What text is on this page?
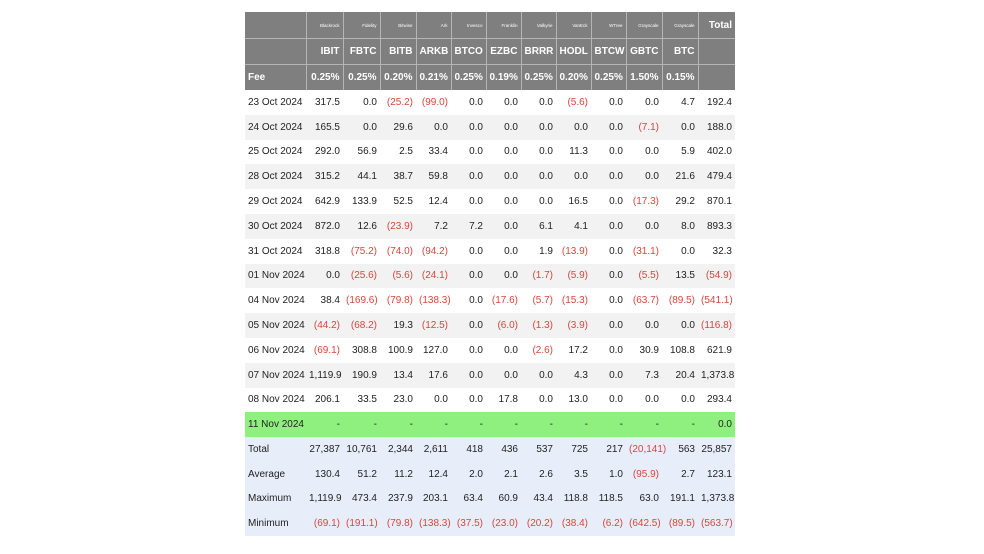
	Blackrock	Fidelity	Bitwise	Ark	Invesco	Franklin	Valkyrie	VanEck	WTree	Grayscale	Grayscale	Total
	IBIT	FBTC	BITB	ARKB	BTCO	EZBC	BRRR	HODL	BTCW	GBTC	BTC	
Fee	0.25%	0.25%	0.20%	0.21%	0.25%	0.19%	0.25%	0.20%	0.25%	1.50%	0.15%	
23 Oct 2024	317.5	0.0	(25.2)	(99.0)	0.0	0.0	0.0	(5.6)	0.0	0.0	4.7	192.4
24 Oct 2024	165.5	0.0	29.6	0.0	0.0	0.0	0.0	0.0	0.0	(7.1)	0.0	188.0
25 Oct 2024	292.0	56.9	2.5	33.4	0.0	0.0	0.0	11.3	0.0	0.0	5.9	402.0
28 Oct 2024	315.2	44.1	38.7	59.8	0.0	0.0	0.0	0.0	0.0	0.0	21.6	479.4
29 Oct 2024	642.9	133.9	52.5	12.4	0.0	0.0	0.0	16.5	0.0	(17.3)	29.2	870.1
30 Oct 2024	872.0	12.6	(23.9)	7.2	7.2	0.0	6.1	4.1	0.0	0.0	8.0	893.3
31 Oct 2024	318.8	(75.2)	(74.0)	(94.2)	0.0	0.0	1.9	(13.9)	0.0	(31.1)	0.0	32.3
01 Nov 2024	0.0	(25.6)	(5.6)	(24.1)	0.0	0.0	(1.7)	(5.9)	0.0	(5.5)	13.5	(54.9)
04 Nov 2024	38.4	(169.6)	(79.8)	(138.3)	0.0	(17.6)	(5.7)	(15.3)	0.0	(63.7)	(89.5)	(541.1)
05 Nov 2024	(44.2)	(68.2)	19.3	(12.5)	0.0	(6.0)	(1.3)	(3.9)	0.0	0.0	0.0	(116.8)
06 Nov 2024	(69.1)	308.8	100.9	127.0	0.0	0.0	(2.6)	17.2	0.0	30.9	108.8	621.9
07 Nov 2024	1,119.9	190.9	13.4	17.6	0.0	0.0	0.0	4.3	0.0	7.3	20.4	1,373.8
08 Nov 2024	206.1	33.5	23.0	0.0	0.0	17.8	0.0	13.0	0.0	0.0	0.0	293.4
11 Nov 2024	-	-	-	-	-	-	-	-	-	-	-	0.0
Total	27,387	10,761	2,344	2,611	418	436	537	725	217	(20,141)	563	25,857
Average	130.4	51.2	11.2	12.4	2.0	2.1	2.6	3.5	1.0	(95.9)	2.7	123.1
Maximum	1,119.9	473.4	237.9	203.1	63.4	60.9	43.4	118.8	118.5	63.0	191.1	1,373.8
Minimum	(69.1)	(191.1)	(79.8)	(138.3)	(37.5)	(23.0)	(20.2)	(38.4)	(6.2)	(642.5)	(89.5)	(563.7)
